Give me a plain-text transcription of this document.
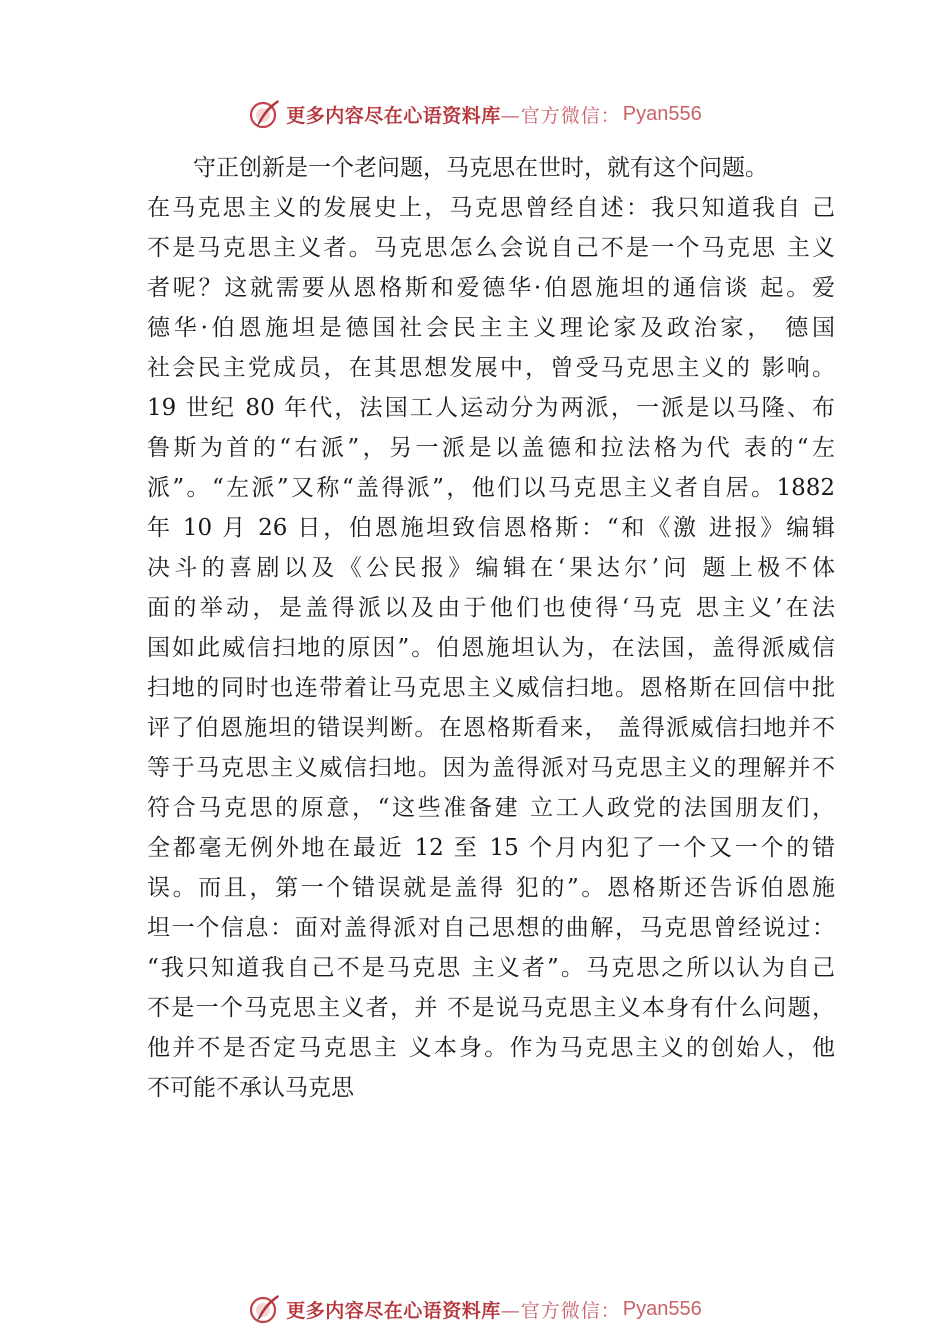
更多内容尽在心语资料库 —官方微信： Pyan556
守正创新是一个老问题，马克思在世时，就有这个问题。
在马克思主义的发展史上，马克思曾经自述：我只知道我自 己
不是马克思主义者。马克思怎么会说自己不是一个马克思 主义
者呢？这就需要从恩格斯和爱德华·伯恩施坦的通信谈 起。爱
德华·伯恩施坦是德国社会民主主义理论家及政治家， 德国
社会民主党成员，在其思想发展中，曾受马克思主义的 影响。
19 世纪 80 年代，法国工人运动分为两派，一派是以马隆、布
鲁斯为首的“右派”，另一派是以盖德和拉法格为代 表的“左
派”。“左派”又称“盖得派”，他们以马克思主义者自居。1882
年 10 月 26 日，伯恩施坦致信恩格斯：“和《激 进报》编辑
决斗的喜剧以及《公民报》编辑在‘果达尔’问 题上极不体
面的举动，是盖得派以及由于他们也使得‘马克 思主义’在法
国如此威信扫地的原因”。伯恩施坦认为，在法国，盖得派威信
扫地的同时也连带着让马克思主义威信扫地。恩格斯在回信中批
评了伯恩施坦的错误判断。在恩格斯看来， 盖得派威信扫地并不
等于马克思主义威信扫地。因为盖得派对马克思主义的理解并不
符合马克思的原意，“这些准备建 立工人政党的法国朋友们，
全都毫无例外地在最近 12 至 15 个月内犯了一个又一个的错
误。而且，第一个错误就是盖得 犯的”。恩格斯还告诉伯恩施
坦一个信息：面对盖得派对自己思想的曲解，马克思曾经说过：
“我只知道我自己不是马克思 主义者”。马克思之所以认为自己
不是一个马克思主义者，并 不是说马克思主义本身有什么问题，
他并不是否定马克思主 义本身。作为马克思主义的创始人，他
不可能不承认马克思
更多内容尽在心语资料库 —官方微信： Pyan556
